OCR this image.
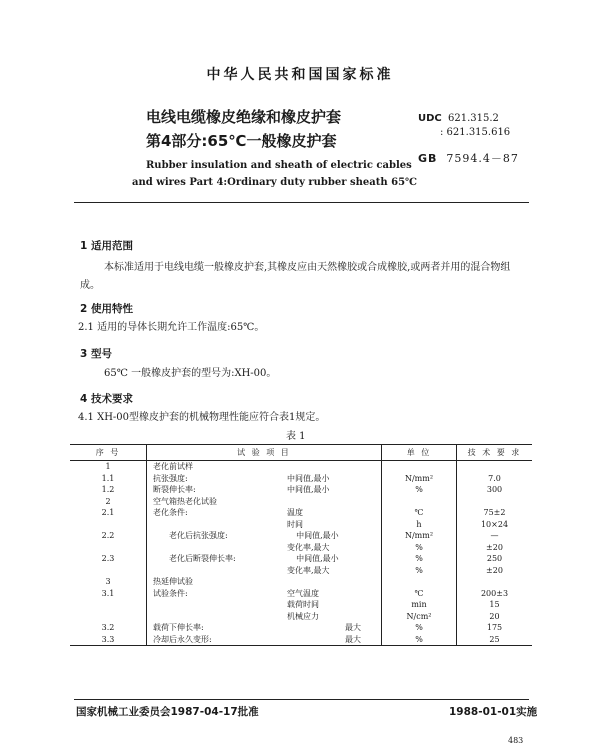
中华人民共和国国家标准
电线电缆橡皮绝缘和橡皮护套
第4部分:65℃一般橡皮护套
UDC 621.315.2
: 621.315.616
GB 7594.4－87
Rubber insulation and sheath of electric cables
and wires Part 4:Ordinary duty rubber sheath 65℃
1 适用范围
本标准适用于电线电缆一般橡皮护套,其橡皮应由天然橡胶或合成橡胶,或两者并用的混合物组
成。
2 使用特性
2.1 适用的导体长期允许工作温度:65℃。
3 型号
65℃ 一般橡皮护套的型号为:XH-00。
4 技术要求
4.1 XH-00型橡皮护套的机械物理性能应符合表1规定。
表 1
序 号	试 验 项 目	单 位	技 术 要 求
1	老化前试样		

1.1	抗张强度: 中间值,最小	N/mm²	7.0
1.2	断裂伸长率: 中间值,最小	%	300
2	空气箱热老化试验		

2.1	老化条件: 温度	℃	75±2

	时间	h	10×24
2.2	老化后抗张强度: 中间值,最小	N/mm²	—

	变化率,最大	%	±20
2.3	老化后断裂伸长率: 中间值,最小	%	250

	变化率,最大	%	±20
3	热延伸试验		

3.1	试验条件: 空气温度	℃	200±3

	载荷时间	min	15

	机械应力	N/cm²	20
3.2	载荷下伸长率: 最大	%	175
3.3	冷却后永久变形: 最大	%	25
国家机械工业委员会1987-04-17批准	1988-01-01实施
483
